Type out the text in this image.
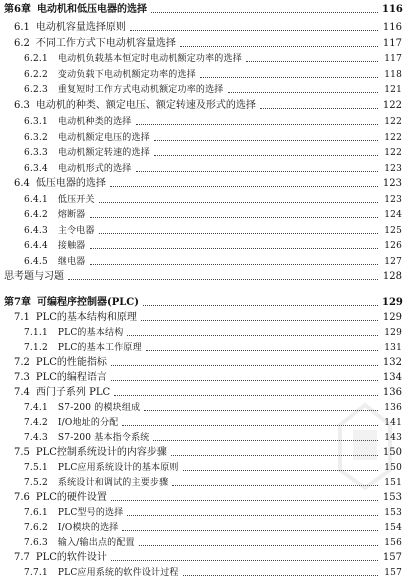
第6章 电动机和低压电器的选择	116
6.1 电动机容量选择原则	116
6.2 不同工作方式下电动机容量选择	117
6.2.1 电动机负载基本恒定时电动机额定功率的选择	117
6.2.2 变动负载下电动机额定功率的选择	118
6.2.3 重复短时工作方式电动机额定功率的选择	121
6.3 电动机的种类、额定电压、额定转速及形式的选择	122
6.3.1 电动机种类的选择	122
6.3.2 电动机额定电压的选择	122
6.3.3 电动机额定转速的选择	122
6.3.4 电动机形式的选择	123
6.4 低压电器的选择	123
6.4.1 低压开关	123
6.4.2 熔断器	124
6.4.3 主令电器	125
6.4.4 接触器	126
6.4.5 继电器	127
思考题与习题	128
第7章 可编程序控制器(PLC)	129
7.1 PLC的基本结构和原理	129
7.1.1 PLC的基本结构	129
7.1.2 PLC的基本工作原理	131
7.2 PLC的性能指标	132
7.3 PLC的编程语言	134
7.4 西门子系列 PLC	136
7.4.1 S7-200 的模块组成	136
7.4.2 I/O地址的分配	141
7.4.3 S7-200 基本指令系统	143
7.5 PLC控制系统设计的内容步骤	150
7.5.1 PLC应用系统设计的基本原则	150
7.5.2 系统设计和调试的主要步骤	151
7.6 PLC的硬件设置	153
7.6.1 PLC型号的选择	153
7.6.2 I/O模块的选择	154
7.6.3 输入/输出点的配置	156
7.7 PLC的软件设计	157
7.7.1 PLC应用系统的软件设计过程	157
